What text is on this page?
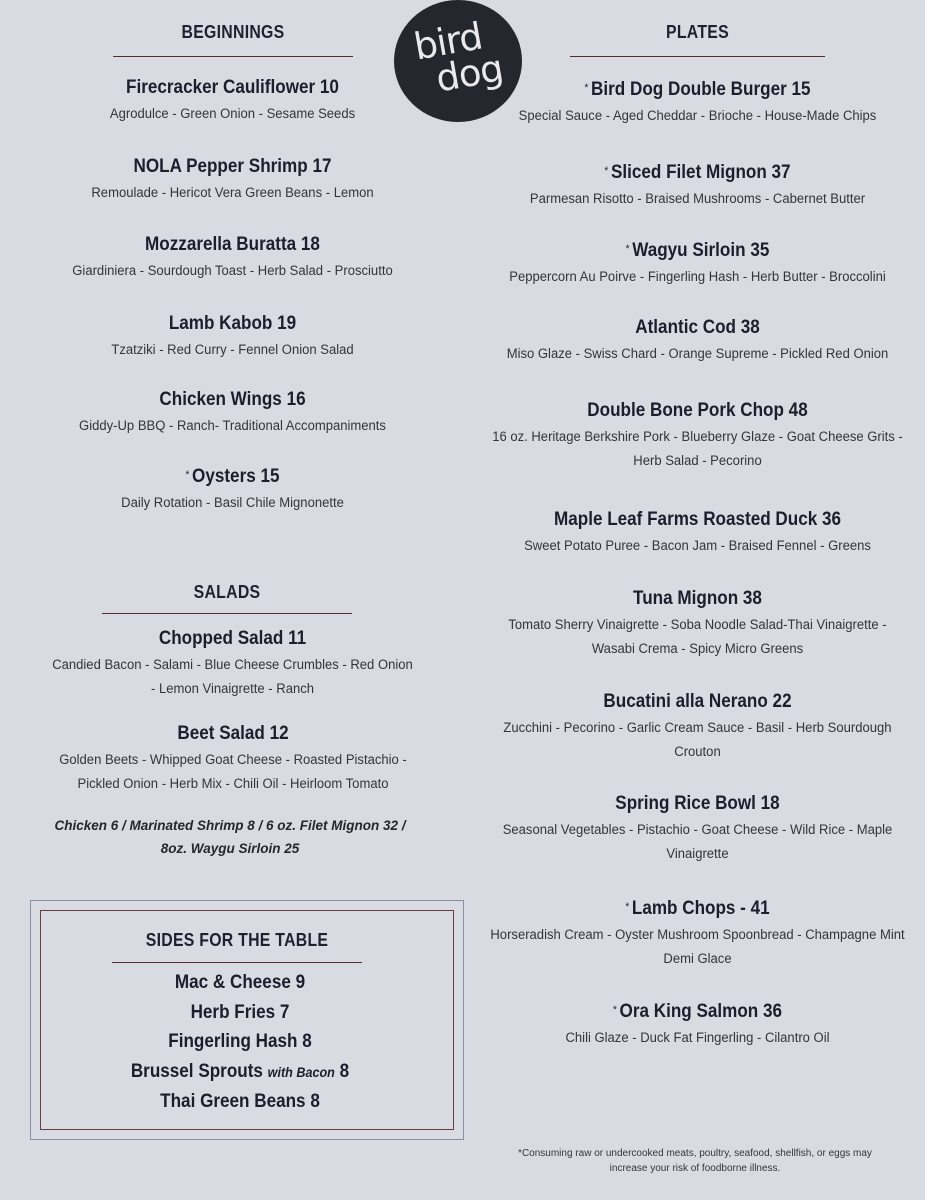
bird
dog
BEGINNINGS
Firecracker Cauliflower 10
Agrodulce - Green Onion - Sesame Seeds
NOLA Pepper Shrimp 17
Remoulade - Hericot Vera Green Beans - Lemon
Mozzarella Buratta 18
Giardiniera - Sourdough Toast - Herb Salad - Prosciutto
Lamb Kabob 19
Tzatziki - Red Curry - Fennel Onion Salad
Chicken Wings 16
Giddy-Up BBQ - Ranch- Traditional Accompaniments
* Oysters 15
Daily Rotation - Basil Chile Mignonette
SALADS
Chopped Salad 11
Candied Bacon - Salami - Blue Cheese Crumbles - Red Onion - Lemon Vinaigrette - Ranch
Beet Salad 12
Golden Beets - Whipped Goat Cheese - Roasted Pistachio - Pickled Onion - Herb Mix - Chili Oil - Heirloom Tomato
Chicken 6 / Marinated Shrimp 8 / 6 oz. Filet Mignon 32 / 8oz. Waygu Sirloin 25
SIDES FOR THE TABLE
Mac & Cheese 9
Herb Fries 7
Fingerling Hash 8
Brussel Sprouts with Bacon 8
Thai Green Beans 8
PLATES
* Bird Dog Double Burger 15
Special Sauce - Aged Cheddar - Brioche - House-Made Chips
* Sliced Filet Mignon 37
Parmesan Risotto - Braised Mushrooms - Cabernet Butter
* Wagyu Sirloin 35
Peppercorn Au Poirve - Fingerling Hash - Herb Butter - Broccolini
Atlantic Cod 38
Miso Glaze - Swiss Chard - Orange Supreme - Pickled Red Onion
Double Bone Pork Chop 48
16 oz. Heritage Berkshire Pork - Blueberry Glaze - Goat Cheese Grits - Herb Salad - Pecorino
Maple Leaf Farms Roasted Duck 36
Sweet Potato Puree - Bacon Jam - Braised Fennel - Greens
Tuna Mignon 38
Tomato Sherry Vinaigrette - Soba Noodle Salad-Thai Vinaigrette - Wasabi Crema - Spicy Micro Greens
Bucatini alla Nerano 22
Zucchini - Pecorino - Garlic Cream Sauce - Basil - Herb Sourdough Crouton
Spring Rice Bowl 18
Seasonal Vegetables - Pistachio - Goat Cheese - Wild Rice - Maple Vinaigrette
* Lamb Chops - 41
Horseradish Cream - Oyster Mushroom Spoonbread - Champagne Mint Demi Glace
* Ora King Salmon 36
Chili Glaze - Duck Fat Fingerling - Cilantro Oil
*Consuming raw or undercooked meats, poultry, seafood, shellfish, or eggs may increase your risk of foodborne illness.
